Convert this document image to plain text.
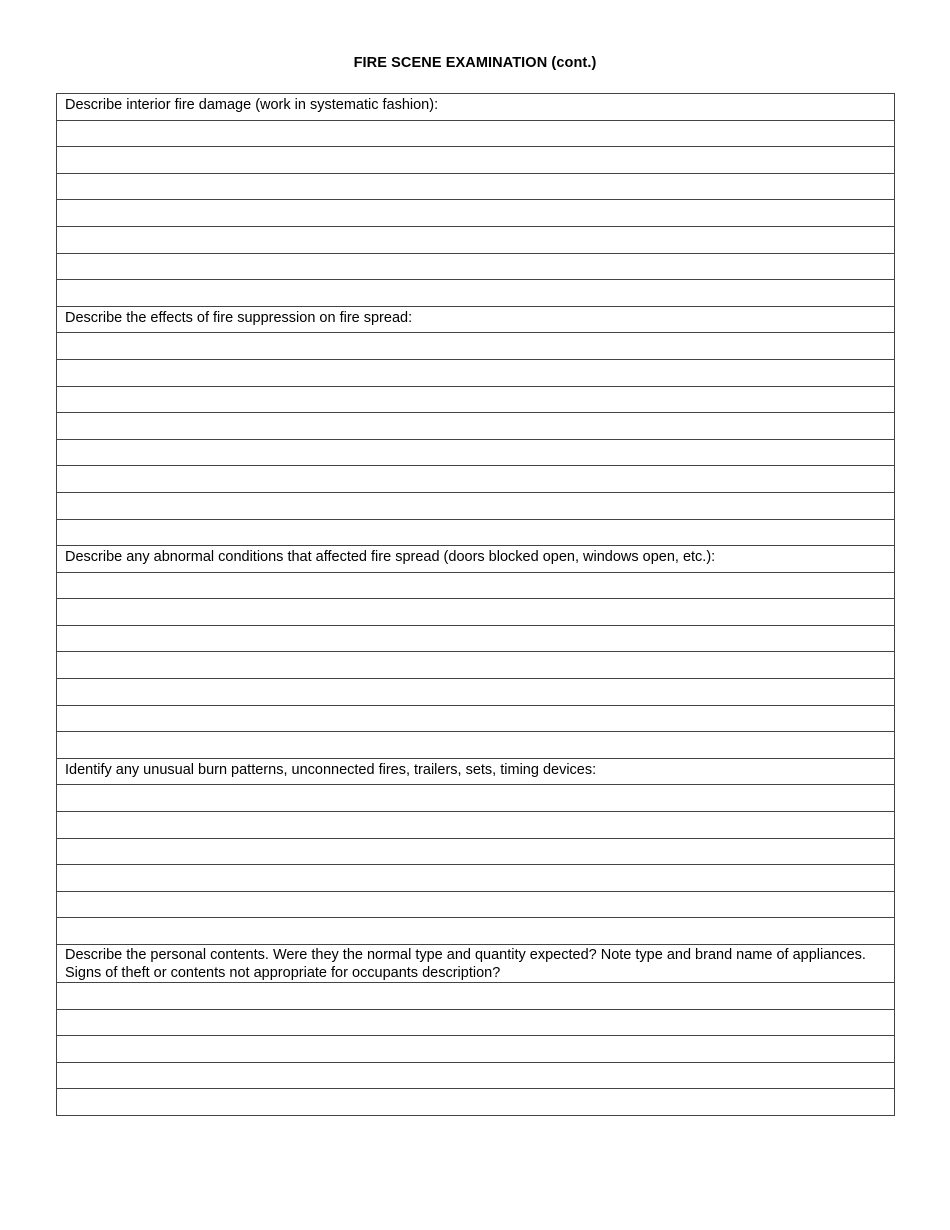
FIRE SCENE EXAMINATION (cont.)
Describe interior fire damage (work in systematic fashion):
Describe the effects of fire suppression on fire spread:
Describe any abnormal conditions that affected fire spread (doors blocked open, windows open, etc.):
Identify any unusual burn patterns, unconnected fires, trailers, sets, timing devices:
Describe the personal contents. Were they the normal type and quantity expected? Note type and brand name of appliances. Signs of theft or contents not appropriate for occupants description?
